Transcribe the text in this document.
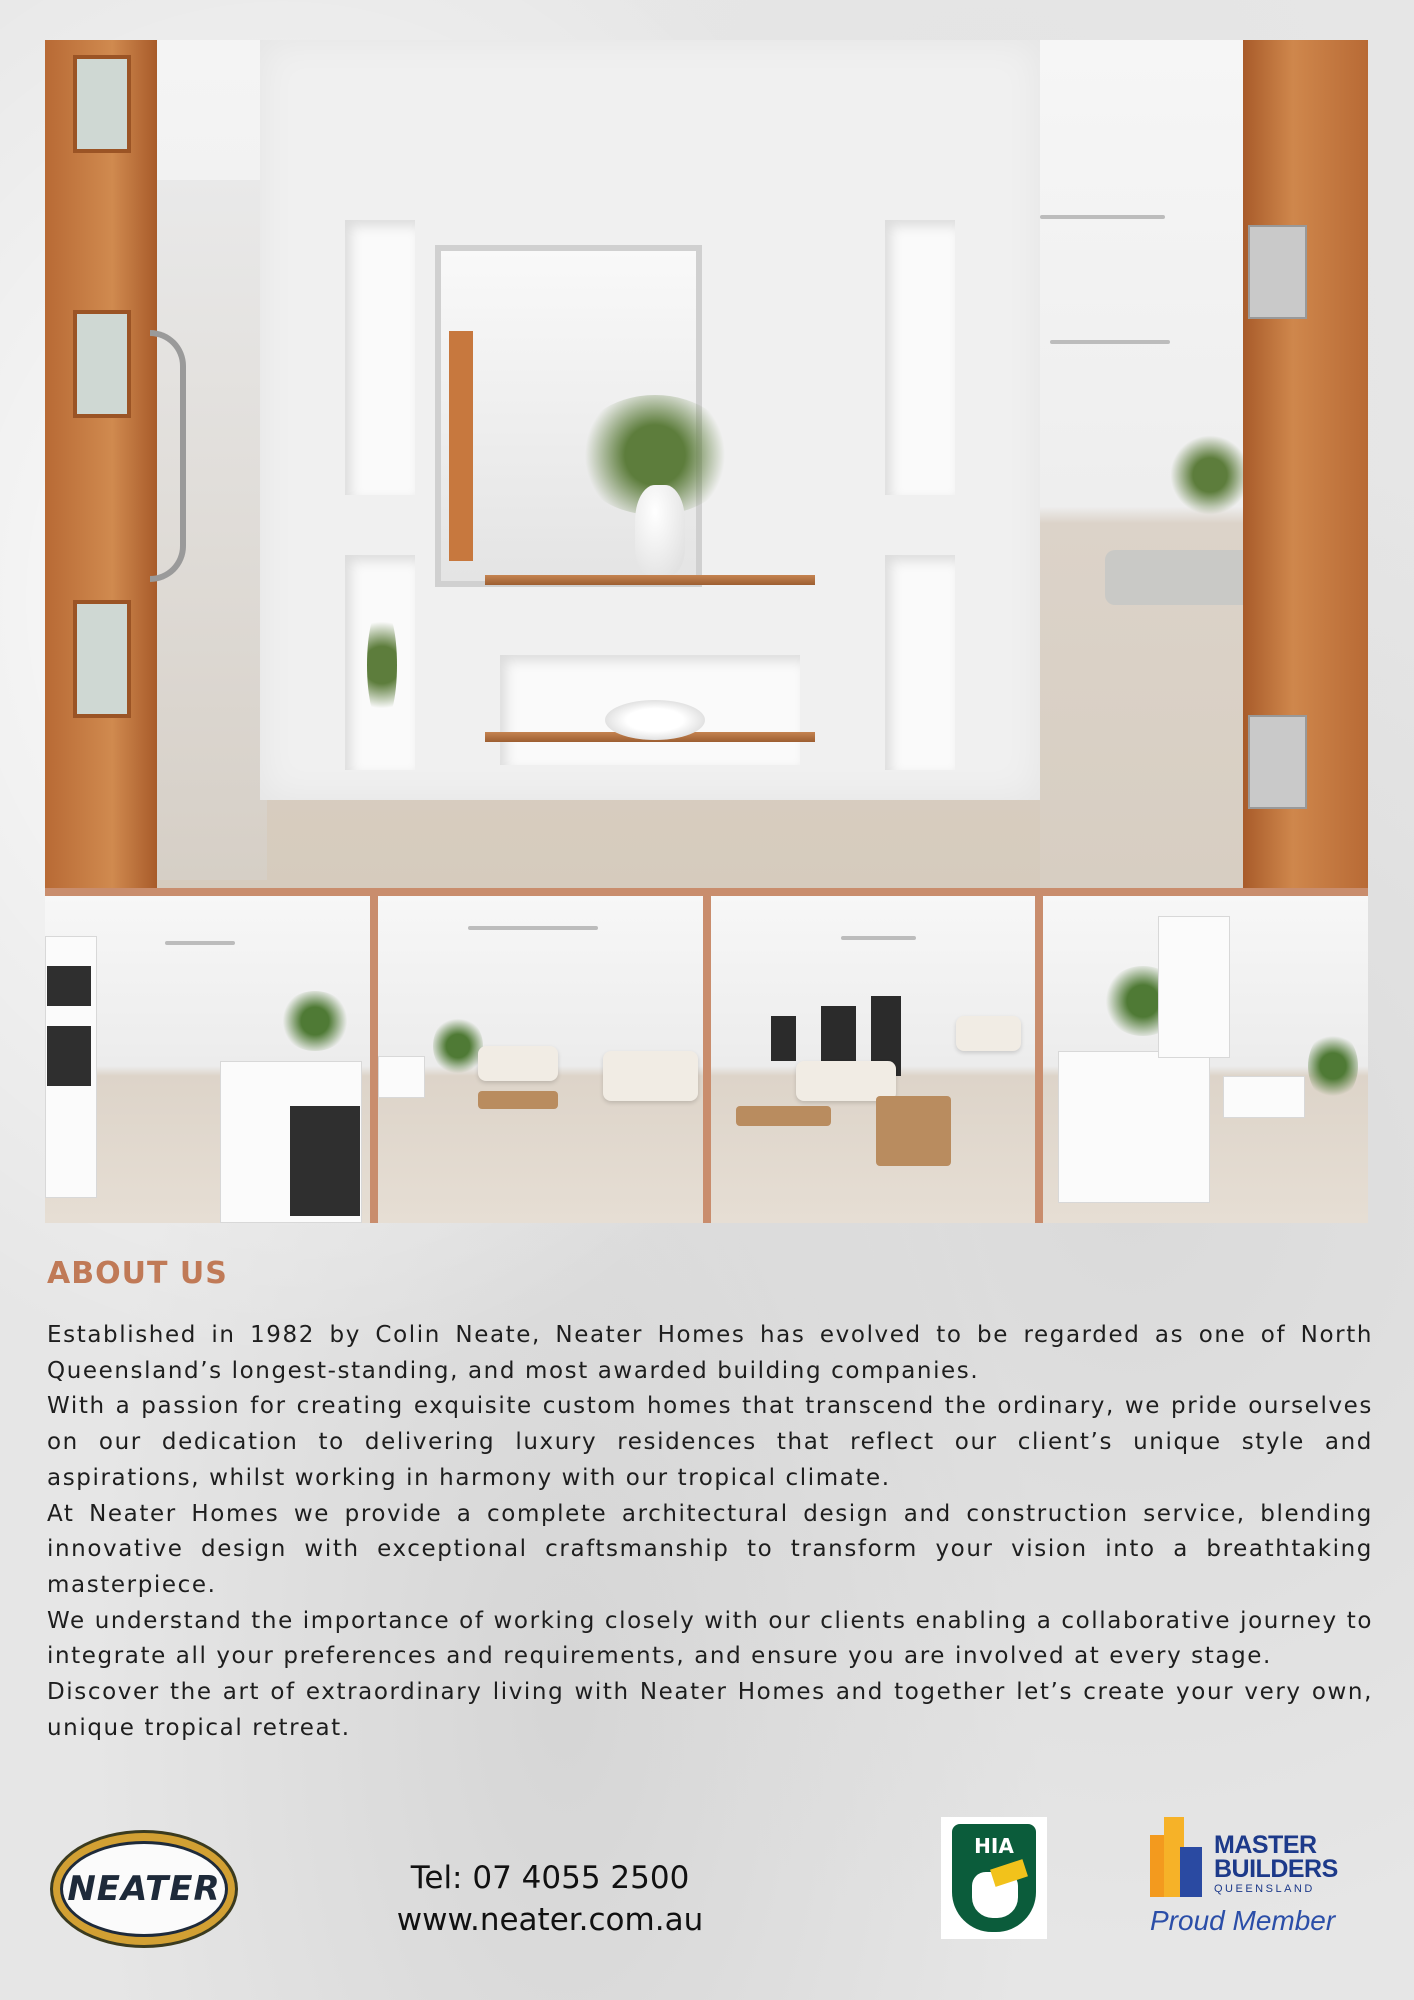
ABOUT US

Established in 1982 by Colin Neate, Neater Homes has evolved to be regarded as one of North Queensland’s longest-standing, and most awarded building companies.

With a passion for creating exquisite custom homes that transcend the ordinary, we pride ourselves on our dedication to delivering luxury residences that reflect our client’s unique style and aspirations, whilst working in harmony with our tropical climate.

At Neater Homes we provide a complete architectural design and construction service, blending innovative design with exceptional craftsmanship to transform your vision into a breathtaking masterpiece.

We understand the importance of working closely with our clients enabling a collaborative journey to integrate all your preferences and requirements, and ensure you are involved at every stage.

Discover the art of extraordinary living with Neater Homes and together let’s create your very own, unique tropical retreat.

NEATER	Tel: 07 4055 2500
www.neater.com.au
HIA	MASTER
BUILDERS
QUEENSLAND
Proud Member
